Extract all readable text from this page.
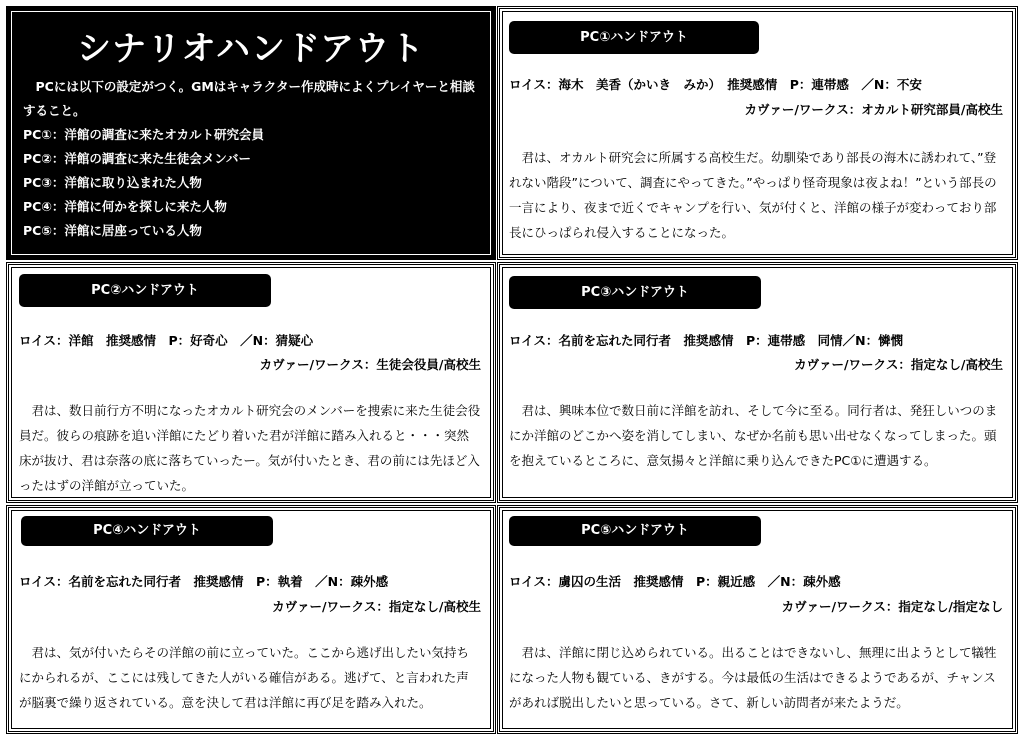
シナリオハンドアウト
PCには以下の設定がつく。GMはキャラクター作成時によくプレイヤーと相談すること。
PC①：洋館の調査に来たオカルト研究会員
PC②：洋館の調査に来た生徒会メンバー
PC③：洋館に取り込まれた人物
PC④：洋館に何かを探しに来た人物
PC⑤：洋館に居座っている人物
PC①ハンドアウト
ロイス：海木　美香（かいき　みか）　推奨感情　P：連帯感　／N：不安
カヴァー/ワークス：オカルト研究部員/高校生
君は、オカルト研究会に所属する高校生だ。幼馴染であり部長の海木に誘われて、”登れない階段”について、調査にやってきた。”やっぱり怪奇現象は夜よね！”という部長の一言により、夜まで近くでキャンプを行い、気が付くと、洋館の様子が変わっており部長にひっぱられ侵入することになった。
PC②ハンドアウト
ロイス：洋館　推奨感情　P：好奇心　／N：猜疑心
カヴァー/ワークス：生徒会役員/高校生
君は、数日前行方不明になったオカルト研究会のメンバーを捜索に来た生徒会役員だ。彼らの痕跡を追い洋館にたどり着いた君が洋館に踏み入れると・・・突然床が抜け、君は奈落の底に落ちていったー。気が付いたとき、君の前には先ほど入ったはずの洋館が立っていた。
PC③ハンドアウト
ロイス：名前を忘れた同行者　推奨感情　P：連帯感　同情／N：憐憫
カヴァー/ワークス：指定なし/高校生
君は、興味本位で数日前に洋館を訪れ、そして今に至る。同行者は、発狂しいつのまにか洋館のどこかへ姿を消してしまい、なぜか名前も思い出せなくなってしまった。頭を抱えているところに、意気揚々と洋館に乗り込んできたPC①に遭遇する。
PC④ハンドアウト
ロイス：名前を忘れた同行者　推奨感情　P：執着　／N：疎外感
カヴァー/ワークス：指定なし/高校生
君は、気が付いたらその洋館の前に立っていた。ここから逃げ出したい気持ちにかられるが、ここには残してきた人がいる確信がある。逃げて、と言われた声が脳裏で繰り返されている。意を決して君は洋館に再び足を踏み入れた。
PC⑤ハンドアウト
ロイス：虜囚の生活　推奨感情　P：親近感　／N：疎外感
カヴァー/ワークス：指定なし/指定なし
君は、洋館に閉じ込められている。出ることはできないし、無理に出ようとして犠牲になった人物も観ている、きがする。今は最低の生活はできるようであるが、チャンスがあれば脱出したいと思っている。さて、新しい訪問者が来たようだ。
